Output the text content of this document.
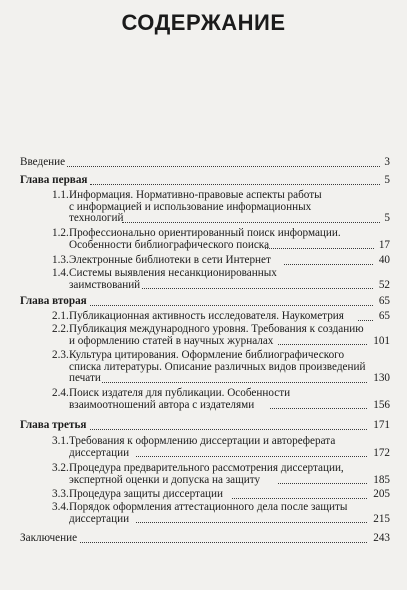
СОДЕРЖАНИЕ
Введение	3
Глава первая	5
1.1. Информация. Нормативно-правовые аспекты работы
с информацией и использование информационных
технологий	5
1.2. Профессионально ориентированный поиск информации.
Особенности библиографического поиска	17
1.3. Электронные библиотеки в сети Интернет	40
1.4. Системы выявления несанкционированных
заимствований	52
Глава вторая	65
2.1. Публикационная активность исследователя. Наукометрия	65
2.2. Публикация международного уровня. Требования к созданию
и оформлению статей в научных журналах	101
2.3. Культура цитирования. Оформление библиографического
списка литературы. Описание различных видов произведений
печати	130
2.4. Поиск издателя для публикации. Особенности
взаимоотношений автора с издателями	156
Глава третья	171
3.1. Требования к оформлению диссертации и автореферата
диссертации	172
3.2. Процедура предварительного рассмотрения диссертации,
экспертной оценки и допуска на защиту	185
3.3. Процедура защиты диссертации	205
3.4. Порядок оформления аттестационного дела после защиты
диссертации	215
Заключение	243
